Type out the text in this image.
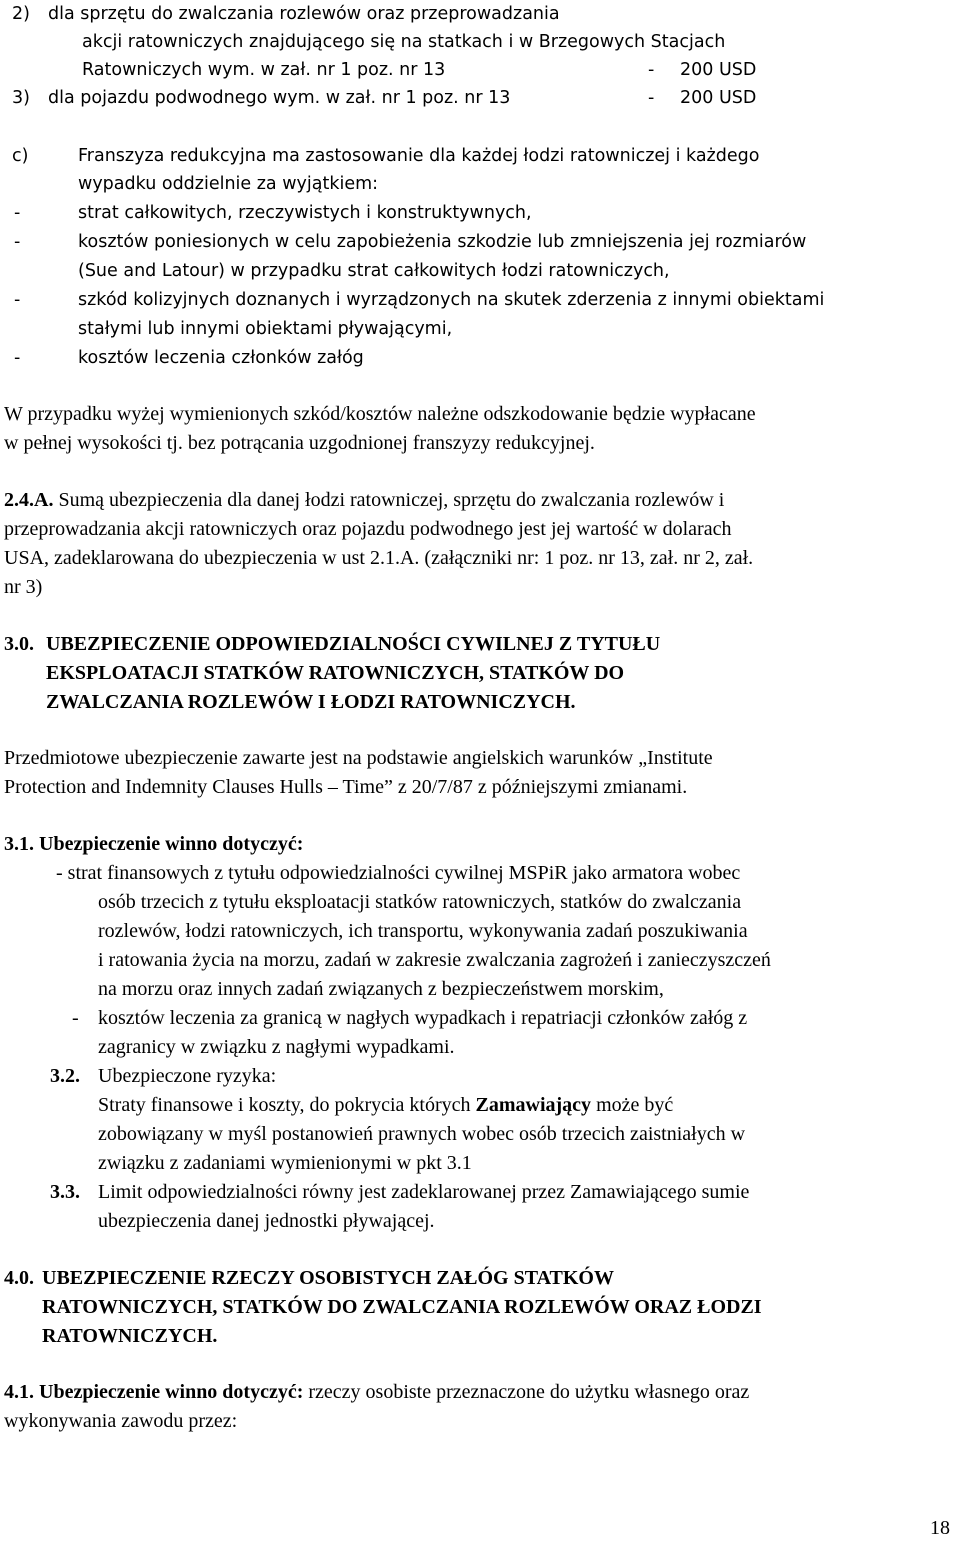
2) dla sprzętu do zwalczania rozlewów oraz przeprowadzania
akcji ratowniczych znajdującego się na statkach i w Brzegowych Stacjach
Ratowniczych wym. w zał. nr 1 poz. nr 13	- 200 USD
3) dla pojazdu podwodnego wym. w zał. nr 1 poz. nr 13	- 200 USD
c)	Franszyza redukcyjna ma zastosowanie dla każdej łodzi ratowniczej i każdego
wypadku oddzielnie za wyjątkiem:
-	strat całkowitych, rzeczywistych i konstruktywnych,
-	kosztów poniesionych w celu zapobieżenia szkodzie lub zmniejszenia jej rozmiarów
(Sue and Latour) w przypadku strat całkowitych łodzi ratowniczych,
-	szkód kolizyjnych doznanych i wyrządzonych na skutek zderzenia z innymi obiektami
stałymi lub innymi obiektami pływającymi,
-	kosztów leczenia członków załóg
W przypadku wyżej wymienionych szkód/kosztów należne odszkodowanie będzie wypłacane
w pełnej wysokości tj. bez potrącania uzgodnionej franszyzy redukcyjnej.
2.4.A. Sumą ubezpieczenia dla danej łodzi ratowniczej, sprzętu do zwalczania rozlewów i
przeprowadzania akcji ratowniczych oraz pojazdu podwodnego jest jej wartość w dolarach
USA, zadeklarowana do ubezpieczenia w ust 2.1.A. (załączniki nr: 1 poz. nr 13, zał. nr 2, zał.
nr 3)
3.0. UBEZPIECZENIE ODPOWIEDZIALNOŚCI CYWILNEJ Z TYTUŁU
EKSPLOATACJI STATKÓW RATOWNICZYCH, STATKÓW DO
ZWALCZANIA ROZLEWÓW I ŁODZI RATOWNICZYCH.
Przedmiotowe ubezpieczenie zawarte jest na podstawie angielskich warunków „Institute
Protection and Indemnity Clauses Hulls – Time” z 20/7/87 z późniejszymi zmianami.
3.1. Ubezpieczenie winno dotyczyć:
- strat finansowych z tytułu odpowiedzialności cywilnej MSPiR jako armatora wobec
osób trzecich z tytułu eksploatacji statków ratowniczych, statków do zwalczania
rozlewów, łodzi ratowniczych, ich transportu, wykonywania zadań poszukiwania
i ratowania życia na morzu, zadań w zakresie zwalczania zagrożeń i zanieczyszczeń
na morzu oraz innych zadań związanych z bezpieczeństwem morskim,
- kosztów leczenia za granicą w nagłych wypadkach i repatriacji członków załóg z
zagranicy w związku z nagłymi wypadkami.
3.2. Ubezpieczone ryzyka:
Straty finansowe i koszty, do pokrycia których Zamawiający może być
zobowiązany w myśl postanowień prawnych wobec osób trzecich zaistniałych w
związku z zadaniami wymienionymi w pkt 3.1
3.3. Limit odpowiedzialności równy jest zadeklarowanej przez Zamawiającego sumie
ubezpieczenia danej jednostki pływającej.
4.0. UBEZPIECZENIE RZECZY OSOBISTYCH ZAŁÓG STATKÓW
RATOWNICZYCH, STATKÓW DO ZWALCZANIA ROZLEWÓW ORAZ ŁODZI
RATOWNICZYCH.
4.1. Ubezpieczenie winno dotyczyć: rzeczy osobiste przeznaczone do użytku własnego oraz
wykonywania zawodu przez:
18
